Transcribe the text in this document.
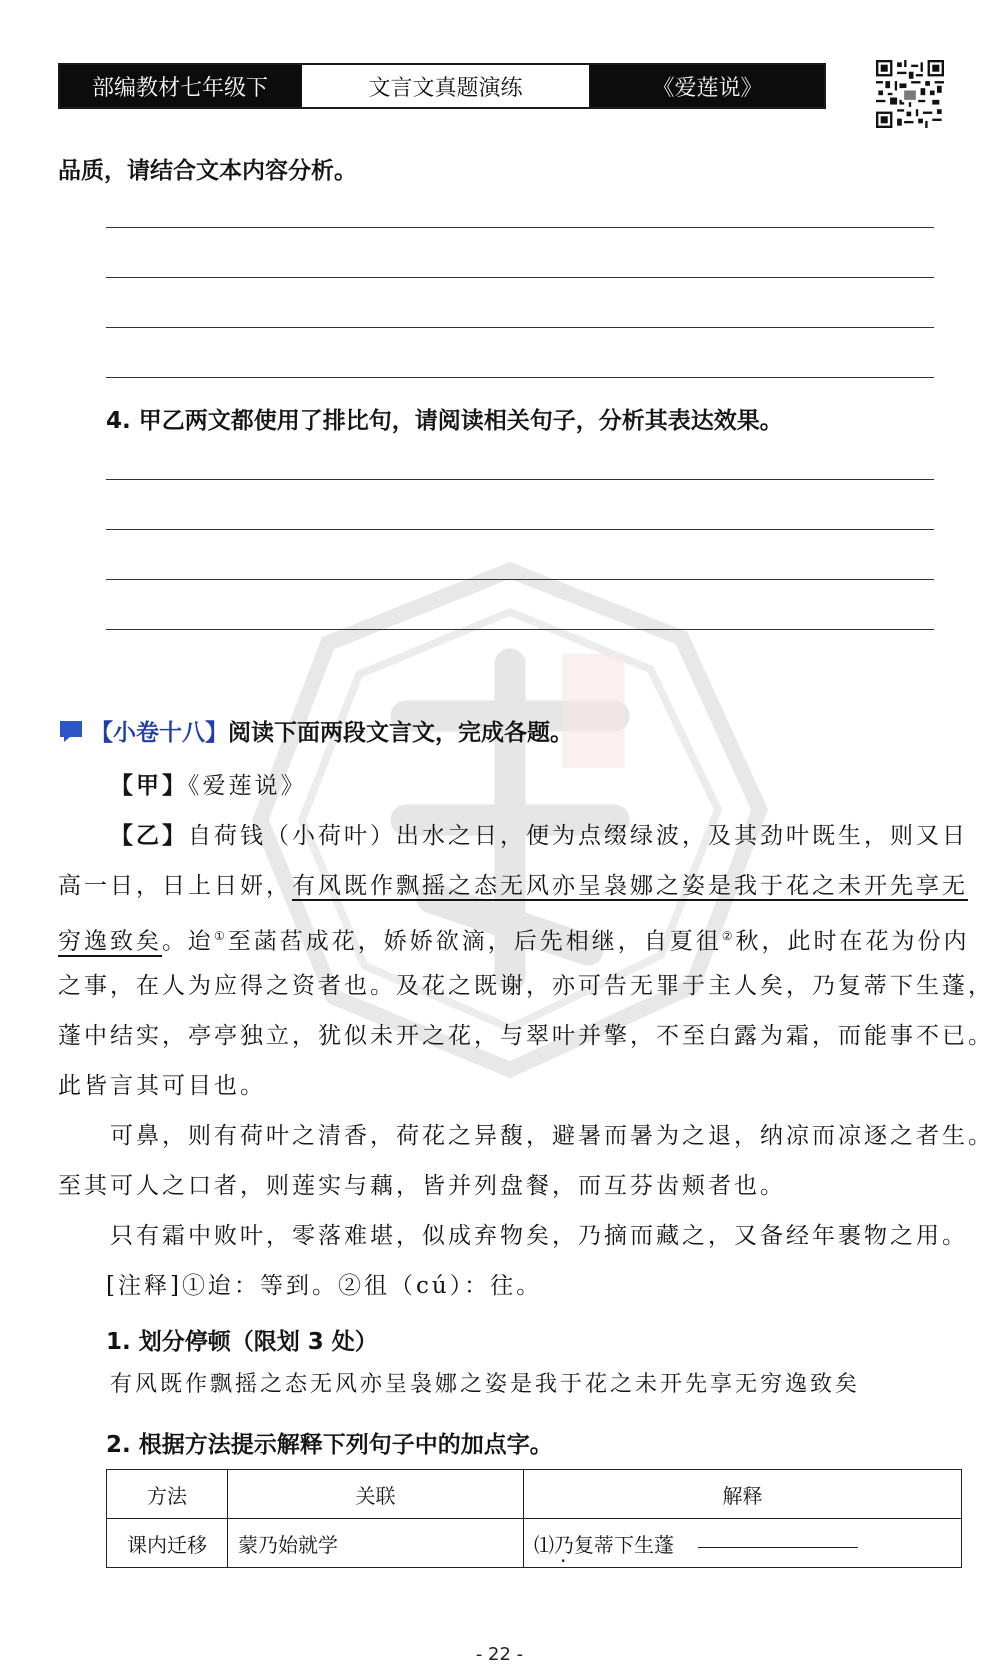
部编教材七年级下	文言文真题演练	《爱莲说》
品质，请结合文本内容分析。
4. 甲乙两文都使用了排比句，请阅读相关句子，分析其表达效果。
【小卷十八】 阅读下面两段文言文，完成各题。
【甲】《爱莲说》
【乙】自荷钱（小荷叶）出水之日，便为点缀绿波，及其劲叶既生，则又日
高一日，日上日妍，有风既作飘摇之态无风亦呈袅娜之姿是我于花之未开先享无
穷逸致矣。迨①至菡萏成花，娇娇欲滴，后先相继，自夏徂②秋，此时在花为份内
之事，在人为应得之资者也。及花之既谢，亦可告无罪于主人矣，乃复蒂下生蓬，
蓬中结实，亭亭独立，犹似未开之花，与翠叶并擎，不至白露为霜，而能事不已。
此皆言其可目也。
可鼻，则有荷叶之清香，荷花之异馥，避暑而暑为之退，纳凉而凉逐之者生。
至其可人之口者，则莲实与藕，皆并列盘餐，而互芬齿颊者也。
只有霜中败叶，零落难堪，似成弃物矣，乃摘而藏之，又备经年裹物之用。
[注释]①迨：等到。②徂（cú）：往。
1. 划分停顿（限划 3 处）
有风既作飘摇之态无风亦呈袅娜之姿是我于花之未开先享无穷逸致矣
2. 根据方法提示解释下列句子中的加点字。
方法	关联	解释
课内迁移	蒙乃始就学	⑴乃复蒂下生蓬
- 22 -
